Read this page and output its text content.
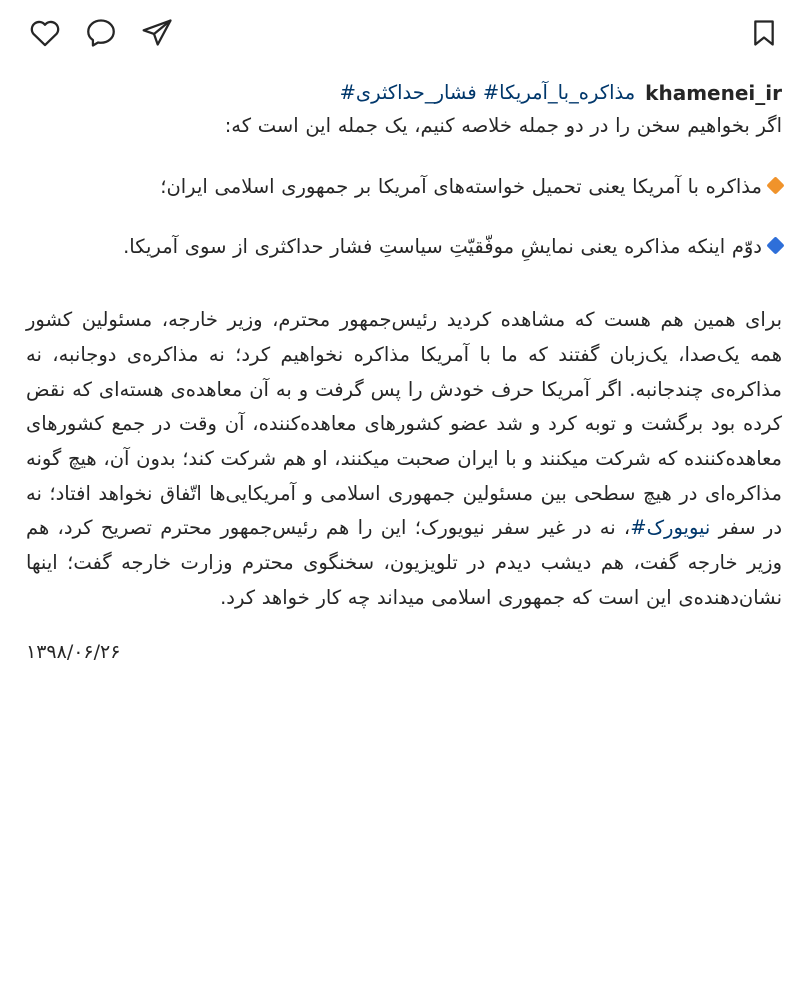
khamenei_ir
مذاکره_با_آمریکا# فشار_حداکثری#

اگر بخواهیم سخن را در دو جمله خلاصه کنیم، یک جمله این است که:

مذاکره با آمریکا یعنی تحمیل خواسته‌های آمریکا بر جمهوری اسلامی ایران؛

دوّم اینکه مذاکره یعنی نمایشِ موفّقیّتِ سیاستِ فشار حداکثری از سوی آمریکا.

برای همین هم هست که مشاهده کردید رئیس‌جمهور محترم، وزیر خارجه، مسئولین کشور همه یک‌صدا، یک‌زبان گفتند که ما با آمریکا مذاکره نخواهیم کرد؛ نه مذاکره‌ی دوجانبه، نه مذاکره‌ی چندجانبه. اگر آمریکا حرف خودش را پس گرفت و به آن معاهده‌ی هسته‌ای که نقض کرده بود برگشت و توبه کرد و شد عضو کشورهای معاهده‌کننده، آن وقت در جمع کشورهای معاهده‌کننده که شرکت میکنند و با ایران صحبت میکنند، او هم شرکت کند؛ بدون آن، هیچ گونه مذاکره‌ای در هیچ سطحی بین مسئولین جمهوری اسلامی و آمریکایی‌ها اتّفاق نخواهد افتاد؛ نه در سفر نیویورک#، نه در غیر سفر نیویورک؛ این را هم رئیس‌جمهور محترم تصریح کرد، هم وزیر خارجه گفت، هم دیشب دیدم در تلویزیون، سخنگوی محترم وزارت خارجه گفت؛ اینها نشان‌دهنده‌ی این است که جمهوری اسلامی میداند چه کار خواهد کرد.

۱۳۹۸/۰۶/۲۶
